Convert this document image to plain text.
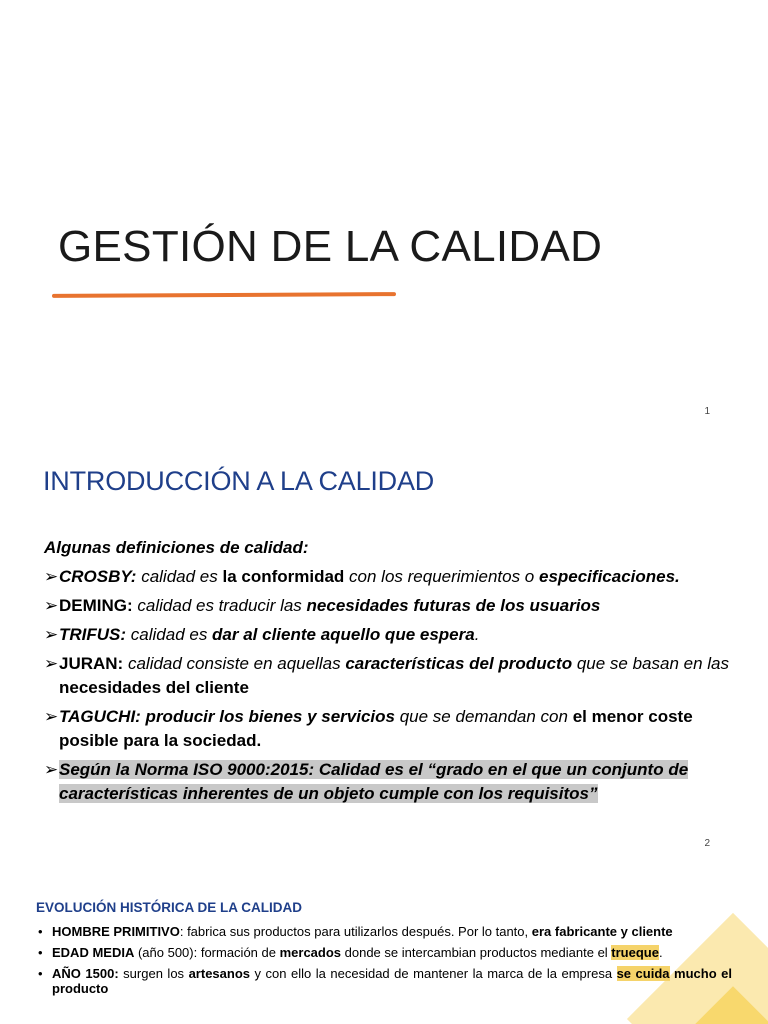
GESTIÓN DE LA CALIDAD
1
INTRODUCCIÓN A LA CALIDAD
Algunas definiciones de calidad:
➢ CROSBY: calidad es la conformidad con los requerimientos o especificaciones.
➢ DEMING: calidad es traducir las necesidades futuras de los usuarios
➢ TRIFUS: calidad es dar al cliente aquello que espera.
➢ JURAN: calidad consiste en aquellas características del producto que se basan en las necesidades del cliente
➢ TAGUCHI: producir los bienes y servicios que se demandan con el menor coste posible para la sociedad.
➢ Según la Norma ISO 9000:2015: Calidad es el “grado en el que un conjunto de características inherentes de un objeto cumple con los requisitos”
2
EVOLUCIÓN HISTÓRICA DE LA CALIDAD
• HOMBRE PRIMITIVO: fabrica sus productos para utilizarlos después. Por lo tanto, era fabricante y cliente
• EDAD MEDIA (año 500): formación de mercados donde se intercambian productos mediante el trueque.
• AÑO 1500: surgen los artesanos y con ello la necesidad de mantener la marca de la empresa se cuida mucho el producto
